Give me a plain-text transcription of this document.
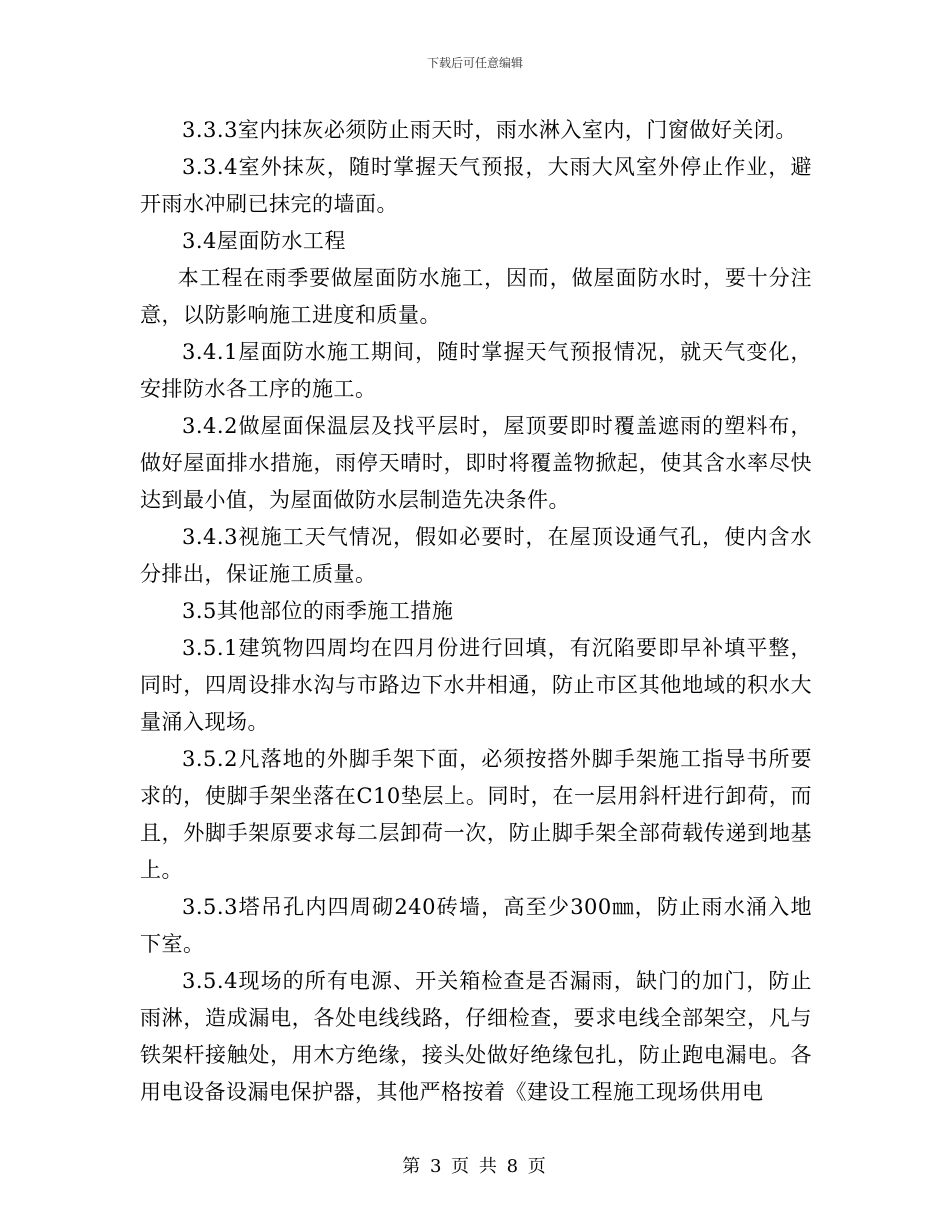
下载后可任意编辑

3.3.3室内抹灰必须防止雨天时，雨水淋入室内，门窗做好关闭。

3.3.4室外抹灰，随时掌握天气预报，大雨大风室外停止作业，避开雨水冲刷已抹完的墙面。

3.4屋面防水工程

本工程在雨季要做屋面防水施工，因而，做屋面防水时，要十分注意，以防影响施工进度和质量。

3.4.1屋面防水施工期间，随时掌握天气预报情况，就天气变化，安排防水各工序的施工。

3.4.2做屋面保温层及找平层时，屋顶要即时覆盖遮雨的塑料布，做好屋面排水措施，雨停天晴时，即时将覆盖物掀起，使其含水率尽快达到最小值，为屋面做防水层制造先决条件。

3.4.3视施工天气情况，假如必要时，在屋顶设通气孔，使内含水分排出，保证施工质量。

3.5其他部位的雨季施工措施

3.5.1建筑物四周均在四月份进行回填，有沉陷要即早补填平整，同时，四周设排水沟与市路边下水井相通，防止市区其他地域的积水大量涌入现场。

3.5.2凡落地的外脚手架下面，必须按搭外脚手架施工指导书所要求的，使脚手架坐落在C10垫层上。同时，在一层用斜杆进行卸荷，而且，外脚手架原要求每二层卸荷一次，防止脚手架全部荷载传递到地基上。

3.5.3塔吊孔内四周砌240砖墙，高至少300㎜，防止雨水涌入地下室。

3.5.4现场的所有电源、开关箱检查是否漏雨，缺门的加门，防止雨淋，造成漏电，各处电线线路，仔细检查，要求电线全部架空，凡与铁架杆接触处，用木方绝缘，接头处做好绝缘包扎，防止跑电漏电。各用电设备设漏电保护器，其他严格按着《建设工程施工现场供用电

第 3 页 共 8 页
